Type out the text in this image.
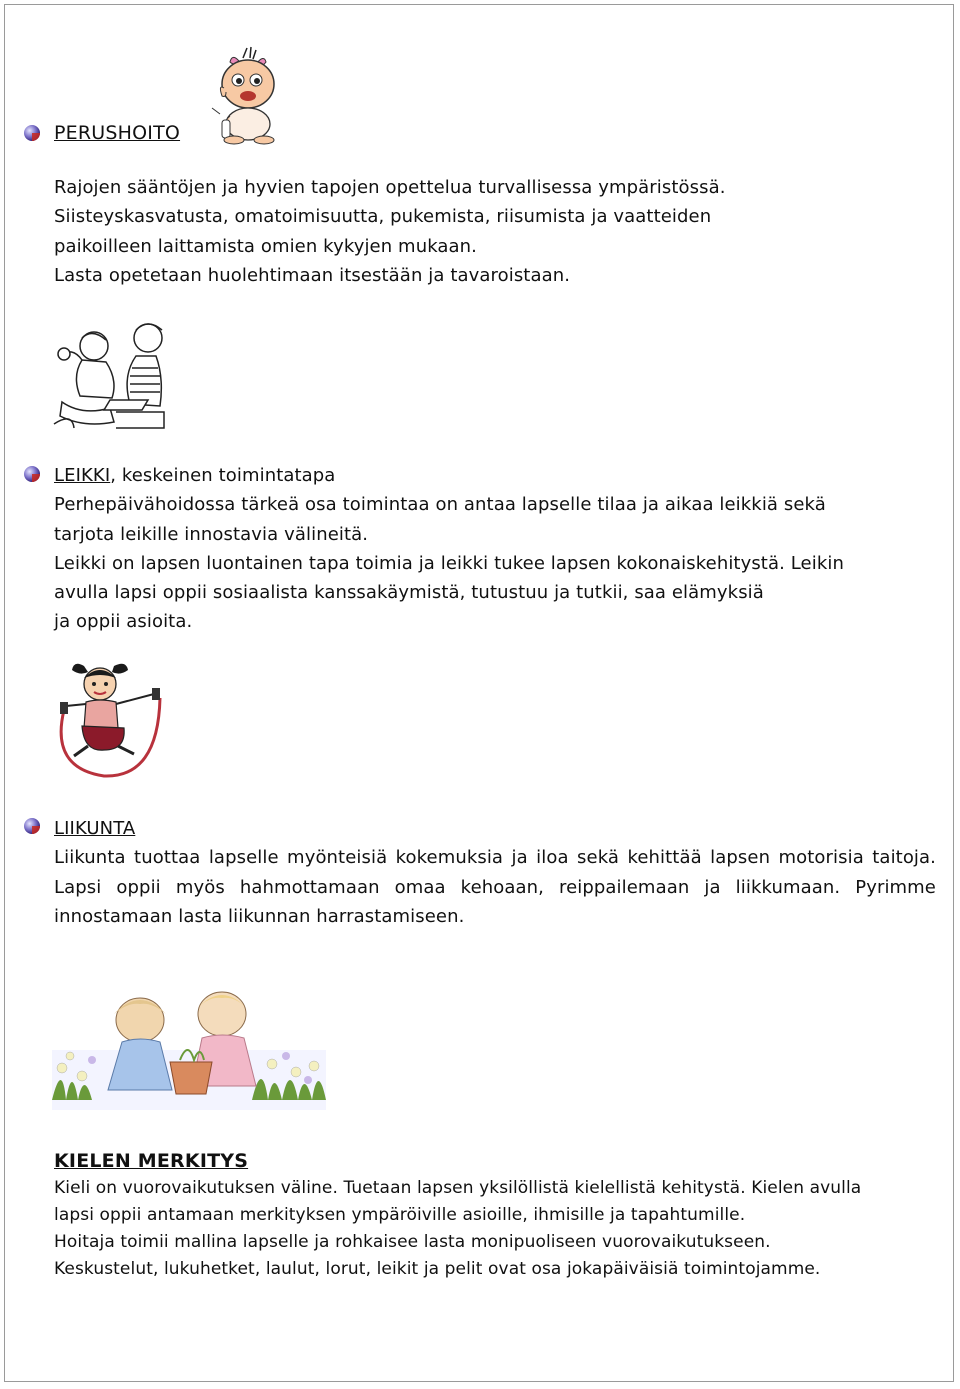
PERUSHOITO

Rajojen sääntöjen ja hyvien tapojen opettelua turvallisessa ympäristössä.

Siisteyskasvatusta, omatoimisuutta, pukemista, riisumista ja vaatteiden

paikoilleen laittamista omien kykyjen mukaan.

Lasta opetetaan huolehtimaan itsestään ja tavaroistaan.

LEIKKI, keskeinen toimintatapa

Perhepäivähoidossa tärkeä osa toimintaa on antaa lapselle tilaa ja aikaa leikkiä sekä

tarjota leikille innostavia välineitä.

Leikki on lapsen luontainen tapa toimia ja leikki tukee lapsen kokonaiskehitystä. Leikin

avulla lapsi oppii sosiaalista kanssakäymistä, tutustuu ja tutkii, saa elämyksiä

ja oppii asioita.

LIIKUNTA

Liikunta tuottaa lapselle myönteisiä kokemuksia ja iloa sekä kehittää lapsen motorisia taitoja. Lapsi oppii myös hahmottamaan omaa kehoaan, reippailemaan ja liikkumaan. Pyrimme innostamaan lasta liikunnan harrastamiseen.

KIELEN MERKITYS

Kieli on vuorovaikutuksen väline. Tuetaan lapsen yksilöllistä kielellistä kehitystä. Kielen avulla

lapsi oppii antamaan merkityksen ympäröiville asioille, ihmisille ja tapahtumille.

Hoitaja toimii mallina lapselle ja rohkaisee lasta monipuoliseen vuorovaikutukseen.

Keskustelut, lukuhetket, laulut, lorut, leikit ja pelit ovat osa jokapäiväisiä toimintojamme.
